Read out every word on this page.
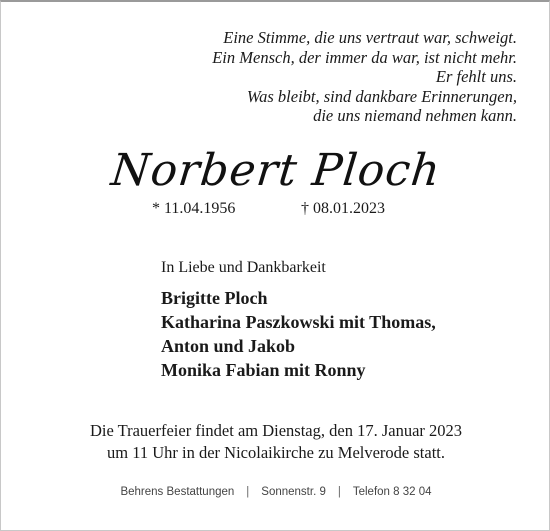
Eine Stimme, die uns vertraut war, schweigt.
Ein Mensch, der immer da war, ist nicht mehr.
Er fehlt uns.
Was bleibt, sind dankbare Erinnerungen,
die uns niemand nehmen kann.
Norbert Ploch
* 11.04.1956	† 08.01.2023
In Liebe und Dankbarkeit
Brigitte Ploch
Katharina Paszkowski mit Thomas,
Anton und Jakob
Monika Fabian mit Ronny
Die Trauerfeier findet am Dienstag, den 17. Januar 2023
um 11 Uhr in der Nicolaikirche zu Melverode statt.
Behrens Bestattungen | Sonnenstr. 9 | Telefon 8 32 04
